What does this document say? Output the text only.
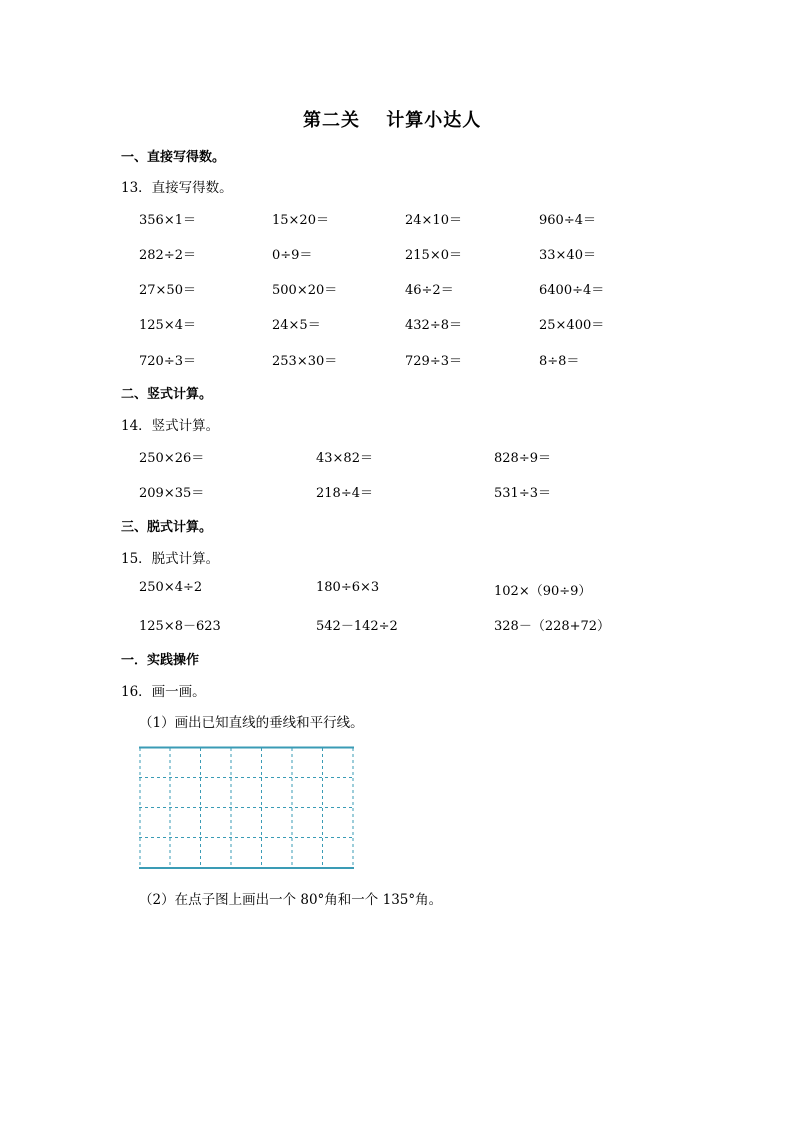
第二关　 计算小达人
一、直接写得数。
13．直接写得数。
356×1＝	15×20＝	24×10＝	960÷4＝
282÷2＝	0÷9＝	215×0＝	33×40＝
27×50＝	500×20＝	46÷2＝	6400÷4＝
125×4＝	24×5＝	432÷8＝	25×400＝
720÷3＝	253×30＝	729÷3＝	8÷8＝
二、竖式计算。
14．竖式计算。
250×26＝	43×82＝	828÷9＝
209×35＝	218÷4＝	531÷3＝
三、脱式计算。
15．脱式计算。
250×4÷2	180÷6×3	102×（90÷9）
125×8－623	542－142÷2	328－（228+72）
一．实践操作
16．画一画。
（1）画出已知直线的垂线和平行线。
（2）在点子图上画出一个 80°角和一个 135°角。
